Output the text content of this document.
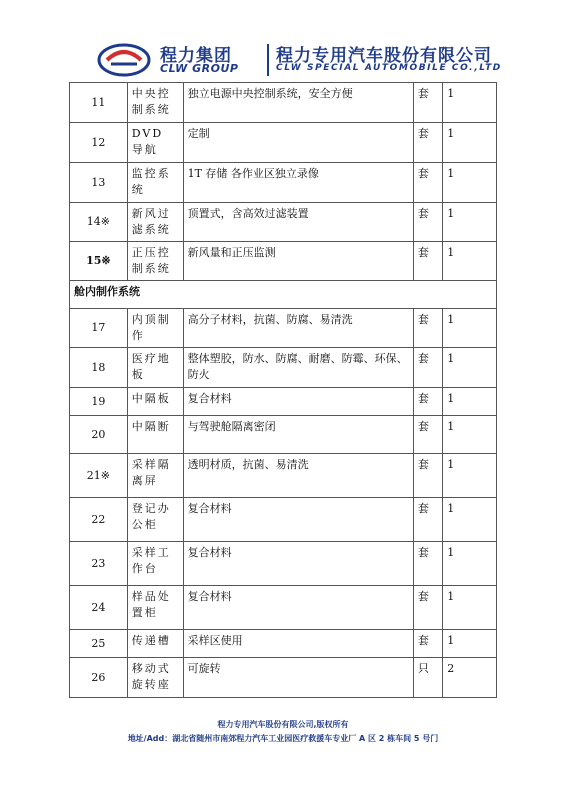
程力集团
CLW GROUP
程力专用汽车股份有限公司
CLW SPECIAL AUTOMOBILE CO.,LTD
11	中央控制系统	独立电源中央控制系统，安全方便	套	1
12	DVD 导航	定制	套	1
13	监控系统	1T 存储 各作业区独立录像	套	1
14※	新风过滤系统	顶置式，含高效过滤装置	套	1
15※	正压控制系统	新风量和正压监测	套	1
舱内制作系统				
17	内顶制作	高分子材料，抗菌、防腐、易清洗	套	1
18	医疗地板	整体塑胶，防水、防腐、耐磨、防霉、环保、防火	套	1
19	中隔板	复合材料	套	1
20	中隔断	与驾驶舱隔离密闭	套	1
21※	采样隔离屏	透明材质，抗菌、易清洗	套	1
22	登记办公柜	复合材料	套	1
23	采样工作台	复合材料	套	1
24	样品处置柜	复合材料	套	1
25	传递槽	采样区使用	套	1
26	移动式旋转座	可旋转	只	2
程力专用汽车股份有限公司,版权所有
地址/Add：湖北省随州市南郊程力汽车工业园医疗救援车专业厂 A 区 2 栋车间 5 号门
